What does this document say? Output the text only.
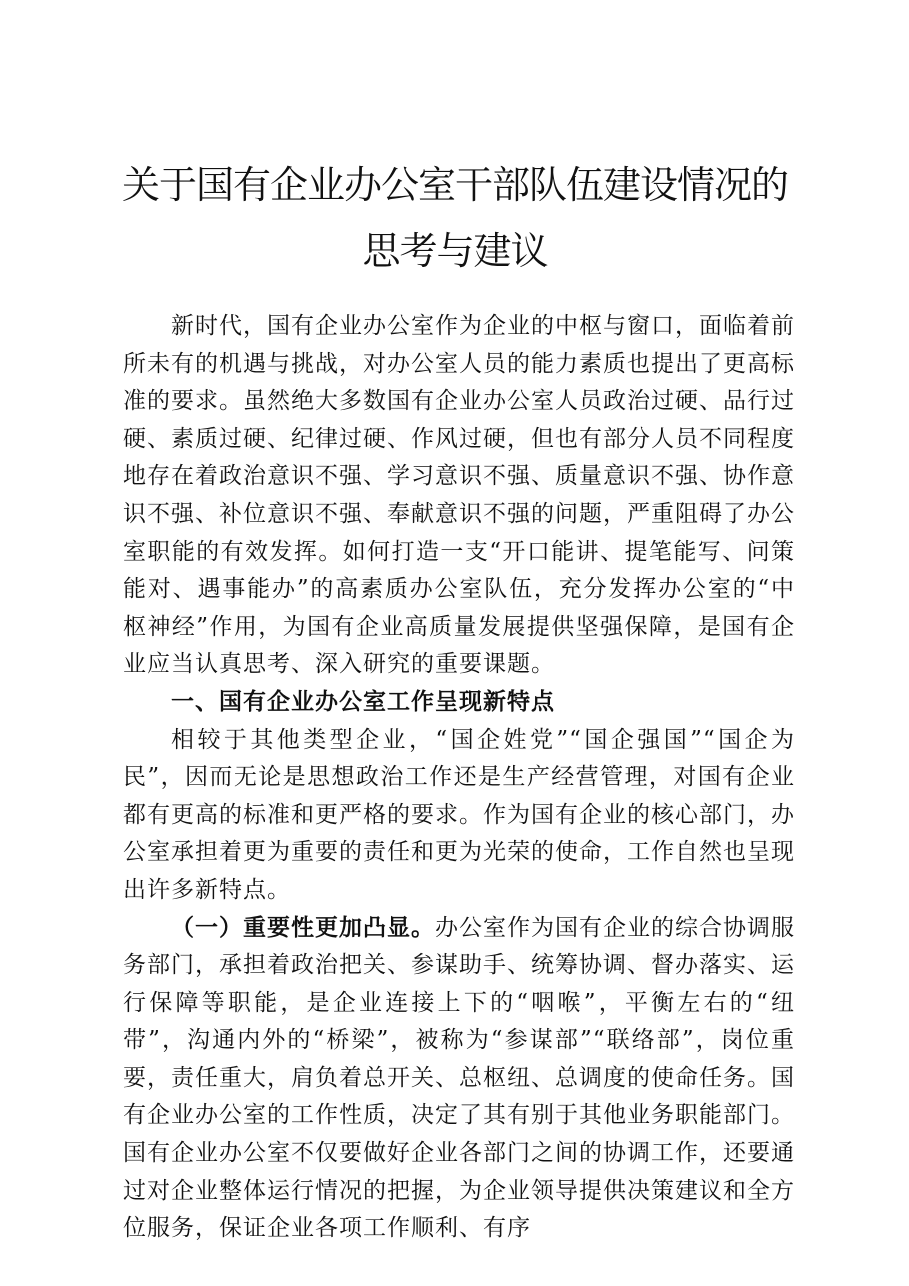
关于国有企业办公室干部队伍建设情况的思考与建议

新时代，国有企业办公室作为企业的中枢与窗口，面临着前所未有的机遇与挑战，对办公室人员的能力素质也提出了更高标准的要求。虽然绝大多数国有企业办公室人员政治过硬、品行过硬、素质过硬、纪律过硬、作风过硬，但也有部分人员不同程度地存在着政治意识不强、学习意识不强、质量意识不强、协作意识不强、补位意识不强、奉献意识不强的问题，严重阻碍了办公室职能的有效发挥。如何打造一支“开口能讲、提笔能写、问策能对、遇事能办”的高素质办公室队伍，充分发挥办公室的“中枢神经”作用，为国有企业高质量发展提供坚强保障，是国有企业应当认真思考、深入研究的重要课题。

一、国有企业办公室工作呈现新特点

相较于其他类型企业，“国企姓党”“国企强国”“国企为民”，因而无论是思想政治工作还是生产经营管理，对国有企业都有更高的标准和更严格的要求。作为国有企业的核心部门，办公室承担着更为重要的责任和更为光荣的使命，工作自然也呈现出许多新特点。

（一）重要性更加凸显。办公室作为国有企业的综合协调服务部门，承担着政治把关、参谋助手、统筹协调、督办落实、运行保障等职能，是企业连接上下的“咽喉”，平衡左右的“纽带”，沟通内外的“桥梁”，被称为“参谋部”“联络部”，岗位重要，责任重大，肩负着总开关、总枢纽、总调度的使命任务。国有企业办公室的工作性质，决定了其有别于其他业务职能部门。国有企业办公室不仅要做好企业各部门之间的协调工作，还要通过对企业整体运行情况的把握，为企业领导提供决策建议和全方位服务，保证企业各项工作顺利、有序
